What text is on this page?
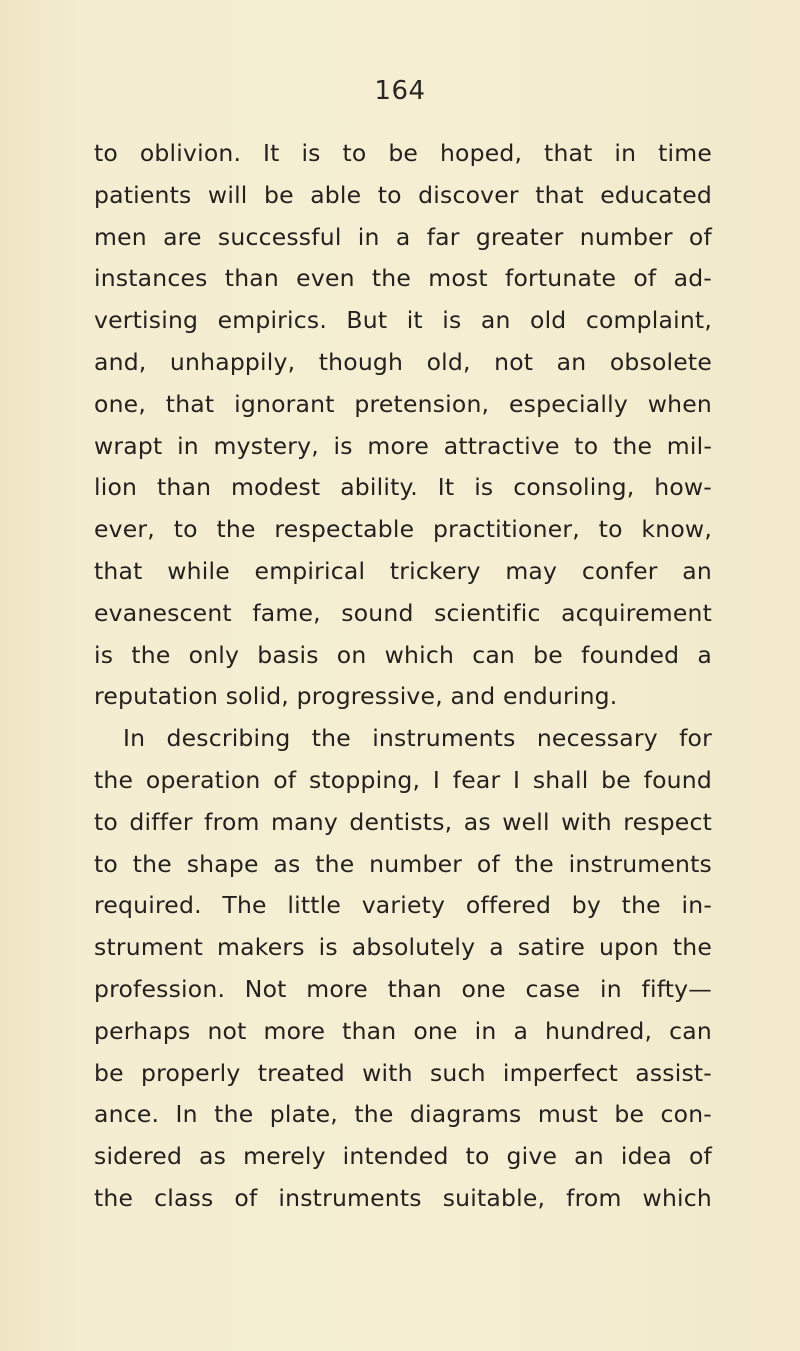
164
to oblivion. It is to be hoped, that in time
patients will be able to discover that educated
men are successful in a far greater number of
instances than even the most fortunate of ad-
vertising empirics. But it is an old complaint,
and, unhappily, though old, not an obsolete
one, that ignorant pretension, especially when
wrapt in mystery, is more attractive to the mil-
lion than modest ability. It is consoling, how-
ever, to the respectable practitioner, to know,
that while empirical trickery may confer an
evanescent fame, sound scientific acquirement
is the only basis on which can be founded a
reputation solid, progressive, and enduring.
In describing the instruments necessary for
the operation of stopping, I fear I shall be found
to differ from many dentists, as well with respect
to the shape as the number of the instruments
required. The little variety offered by the in-
strument makers is absolutely a satire upon the
profession. Not more than one case in fifty—
perhaps not more than one in a hundred, can
be properly treated with such imperfect assist-
ance. In the plate, the diagrams must be con-
sidered as merely intended to give an idea of
the class of instruments suitable, from which
